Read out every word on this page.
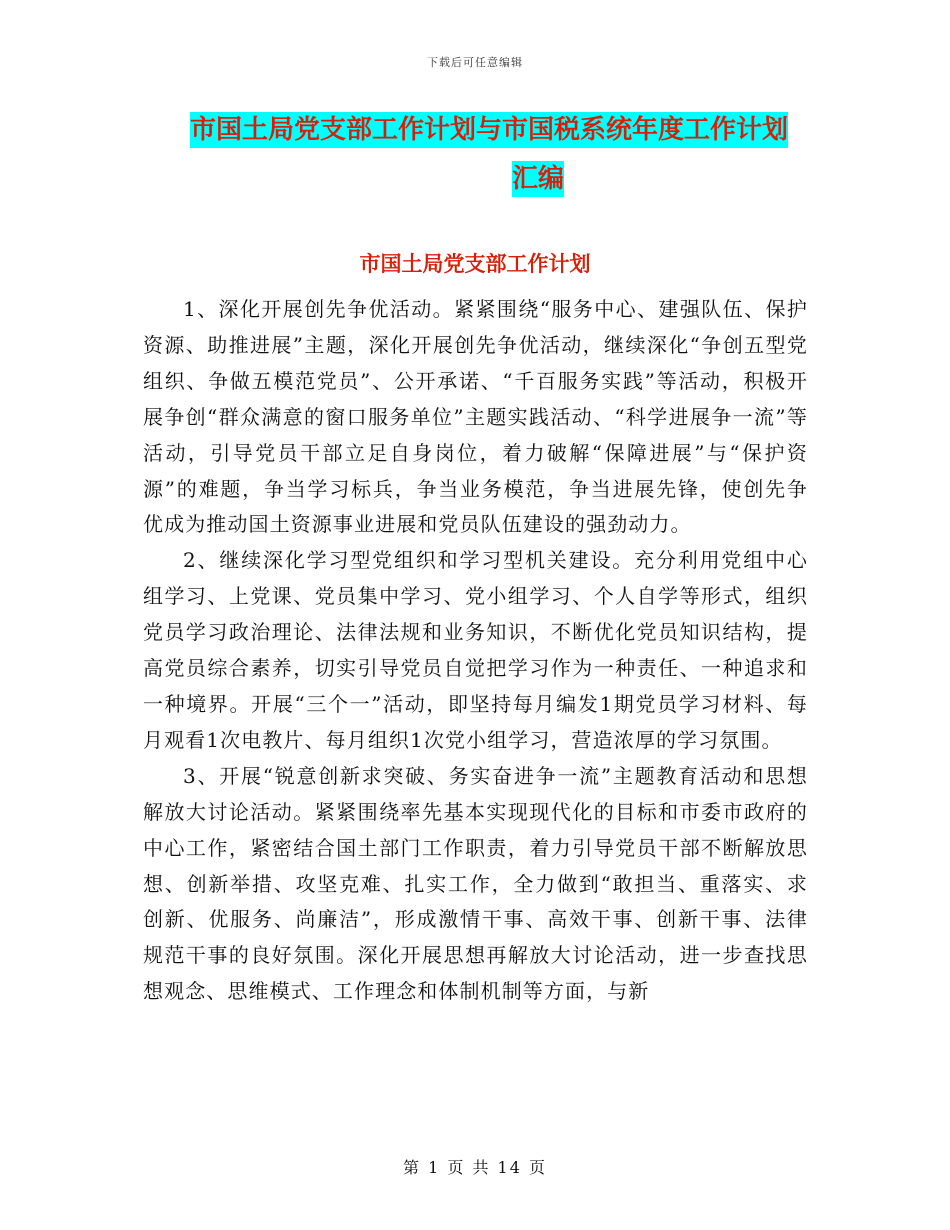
下载后可任意编辑
市国土局党支部工作计划与市国税系统年度工作计划
汇编
市国土局党支部工作计划

1、深化开展创先争优活动。紧紧围绕“服务中心、建强队伍、保护资源、助推进展”主题，深化开展创先争优活动，继续深化“争创五型党组织、争做五模范党员”、公开承诺、“千百服务实践”等活动，积极开展争创“群众满意的窗口服务单位”主题实践活动、“科学进展争一流”等活动，引导党员干部立足自身岗位，着力破解“保障进展”与“保护资源”的难题，争当学习标兵，争当业务模范，争当进展先锋，使创先争优成为推动国土资源事业进展和党员队伍建设的强劲动力。

2、继续深化学习型党组织和学习型机关建设。充分利用党组中心组学习、上党课、党员集中学习、党小组学习、个人自学等形式，组织党员学习政治理论、法律法规和业务知识，不断优化党员知识结构，提高党员综合素养，切实引导党员自觉把学习作为一种责任、一种追求和一种境界。开展“三个一”活动，即坚持每月编发1期党员学习材料、每月观看1次电教片、每月组织1次党小组学习，营造浓厚的学习氛围。

3、开展“锐意创新求突破、务实奋进争一流”主题教育活动和思想解放大讨论活动。紧紧围绕率先基本实现现代化的目标和市委市政府的中心工作，紧密结合国土部门工作职责，着力引导党员干部不断解放思想、创新举措、攻坚克难、扎实工作，全力做到“敢担当、重落实、求创新、优服务、尚廉洁”，形成激情干事、高效干事、创新干事、法律规范干事的良好氛围。深化开展思想再解放大讨论活动，进一步查找思想观念、思维模式、工作理念和体制机制等方面，与新

第 1 页 共 14 页
